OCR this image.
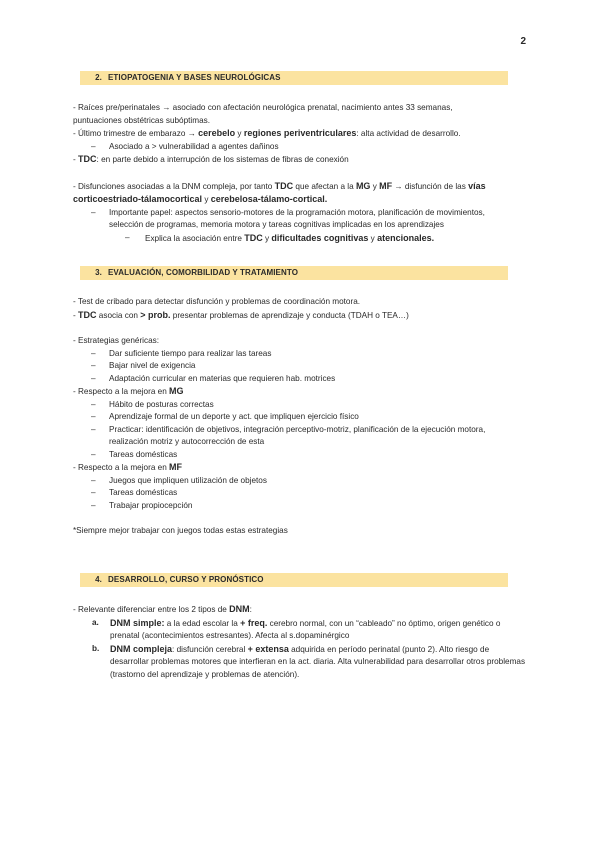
2
2. ETIOPATOGENIA Y BASES NEUROLÓGICAS
- Raíces pre/perinatales → asociado con afectación neurológica prenatal, nacimiento antes 33 semanas,
puntuaciones obstétricas subóptimas.
- Último trimestre de embarazo → cerebelo y regiones periventriculares: alta actividad de desarrollo.
–	Asociado a > vulnerabilidad a agentes dañinos
- TDC: en parte debido a interrupción de los sistemas de fibras de conexión
- Disfunciones asociadas a la DNM compleja, por tanto TDC que afectan a la MG y MF → disfunción de las vías
corticoestriado-tálamocortical y cerebelosa-tálamo-cortical.
–	Importante papel: aspectos sensorio-motores de la programación motora, planificación de movimientos, selección de programas, memoria motora y tareas cognitivas implicadas en los aprendizajes
–	Explica la asociación entre TDC y dificultades cognitivas y atencionales.
3. EVALUACIÓN, COMORBILIDAD Y TRATAMIENTO
- Test de cribado para detectar disfunción y problemas de coordinación motora.
- TDC asocia con > prob. presentar problemas de aprendizaje y conducta (TDAH o TEA…)
- Estrategias genéricas:
–	Dar suficiente tiempo para realizar las tareas
–	Bajar nivel de exigencia
–	Adaptación curricular en materias que requieren hab. motrices
- Respecto a la mejora en MG
–	Hábito de posturas correctas
–	Aprendizaje formal de un deporte y act. que impliquen ejercicio físico
–	Practicar: identificación de objetivos, integración perceptivo-motriz, planificación de la ejecución motora, realización motriz y autocorrección de esta
–	Tareas domésticas
- Respecto a la mejora en MF
–	Juegos que impliquen utilización de objetos
–	Tareas domésticas
–	Trabajar propiocepción
*Siempre mejor trabajar con juegos todas estas estrategias
4. DESARROLLO, CURSO Y PRONÓSTICO
- Relevante diferenciar entre los 2 tipos de DNM:
a.	DNM simple: a la edad escolar la + freq. cerebro normal, con un “cableado” no óptimo, origen genético o prenatal (acontecimientos estresantes). Afecta al s.dopaminérgico
b.	DNM compleja: disfunción cerebral + extensa adquirida en período perinatal (punto 2). Alto riesgo de desarrollar problemas motores que interfieran en la act. diaria. Alta vulnerabilidad para desarrollar otros problemas (trastorno del aprendizaje y problemas de atención).
